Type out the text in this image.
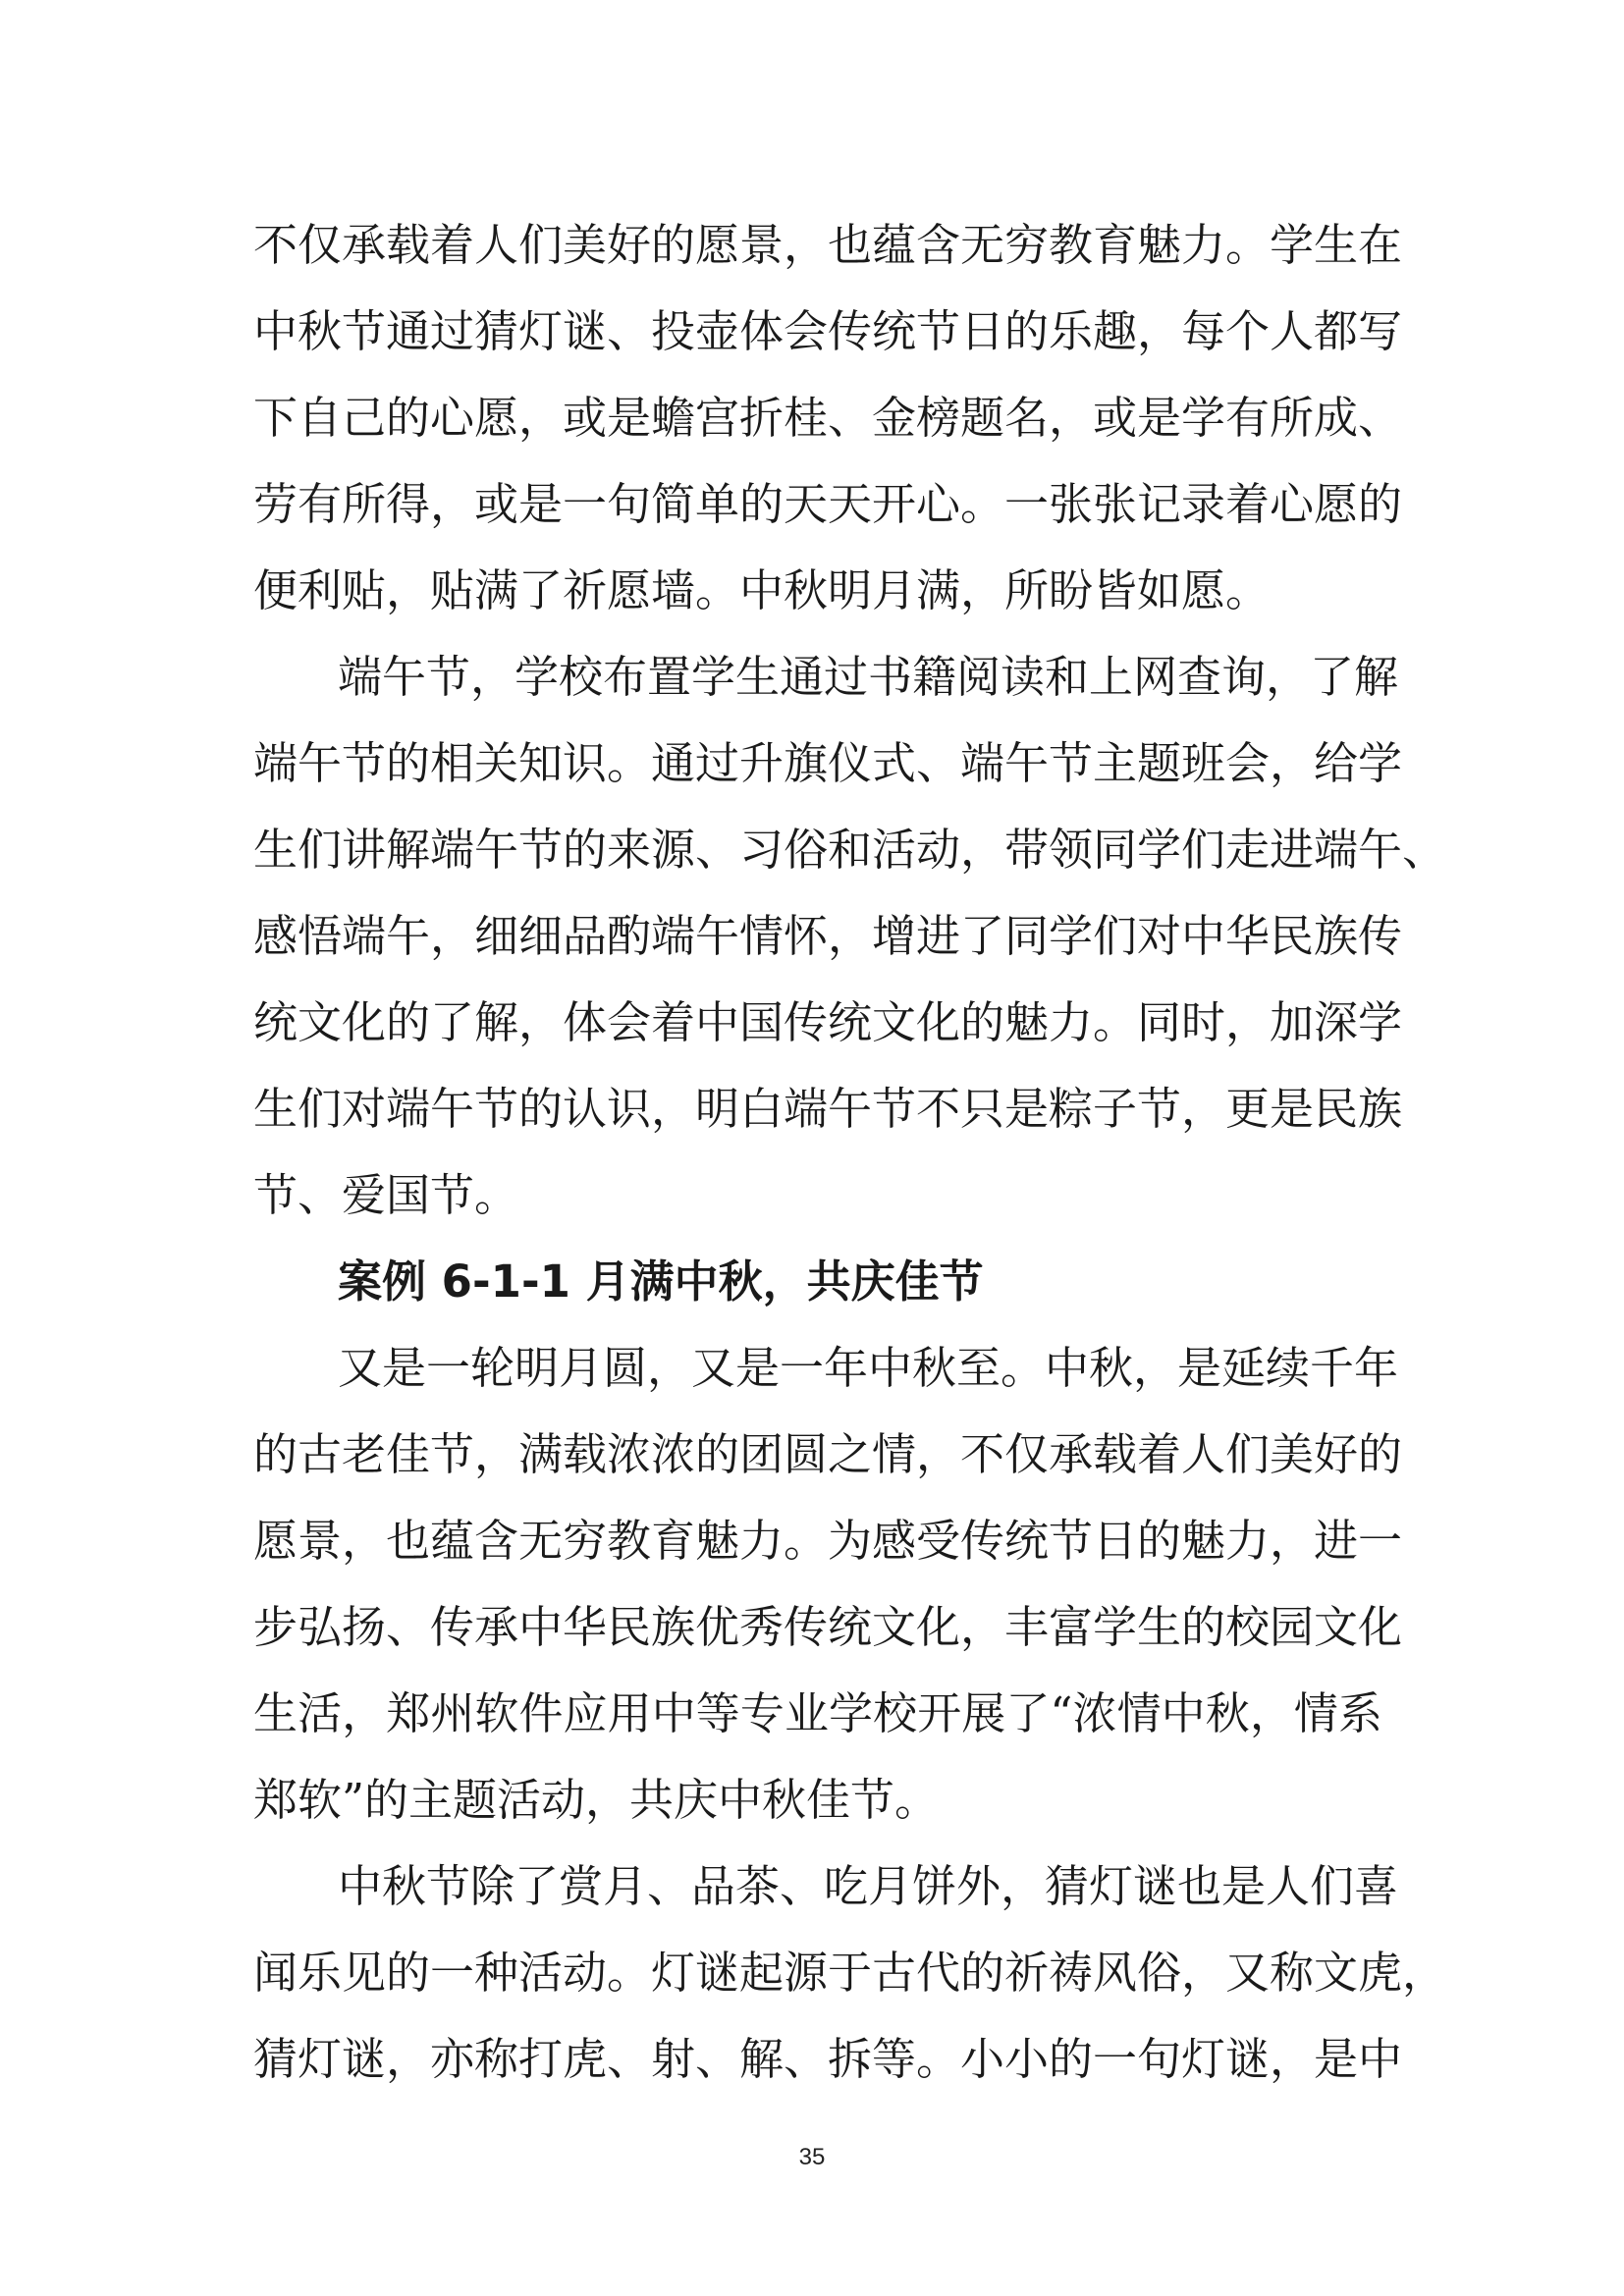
不仅承载着人们美好的愿景，也蕴含无穷教育魅力。学生在
中秋节通过猜灯谜、投壶体会传统节日的乐趣，每个人都写
下自己的心愿，或是蟾宫折桂、金榜题名，或是学有所成、
劳有所得，或是一句简单的天天开心。一张张记录着心愿的
便利贴，贴满了祈愿墙。中秋明月满，所盼皆如愿。
端午节，学校布置学生通过书籍阅读和上网查询，了解
端午节的相关知识。通过升旗仪式、端午节主题班会，给学
生们讲解端午节的来源、习俗和活动，带领同学们走进端午、
感悟端午，细细品酌端午情怀，增进了同学们对中华民族传
统文化的了解，体会着中国传统文化的魅力。同时，加深学
生们对端午节的认识，明白端午节不只是粽子节，更是民族
节、爱国节。
案例 6-1-1 月满中秋，共庆佳节
又是一轮明月圆，又是一年中秋至。中秋，是延续千年
的古老佳节，满载浓浓的团圆之情，不仅承载着人们美好的
愿景，也蕴含无穷教育魅力。为感受传统节日的魅力，进一
步弘扬、传承中华民族优秀传统文化，丰富学生的校园文化
生活，郑州软件应用中等专业学校开展了“浓情中秋，情系
郑软”的主题活动，共庆中秋佳节。
中秋节除了赏月、品茶、吃月饼外，猜灯谜也是人们喜
闻乐见的一种活动。灯谜起源于古代的祈祷风俗，又称文虎，
猜灯谜，亦称打虎、射、解、拆等。小小的一句灯谜，是中
35
